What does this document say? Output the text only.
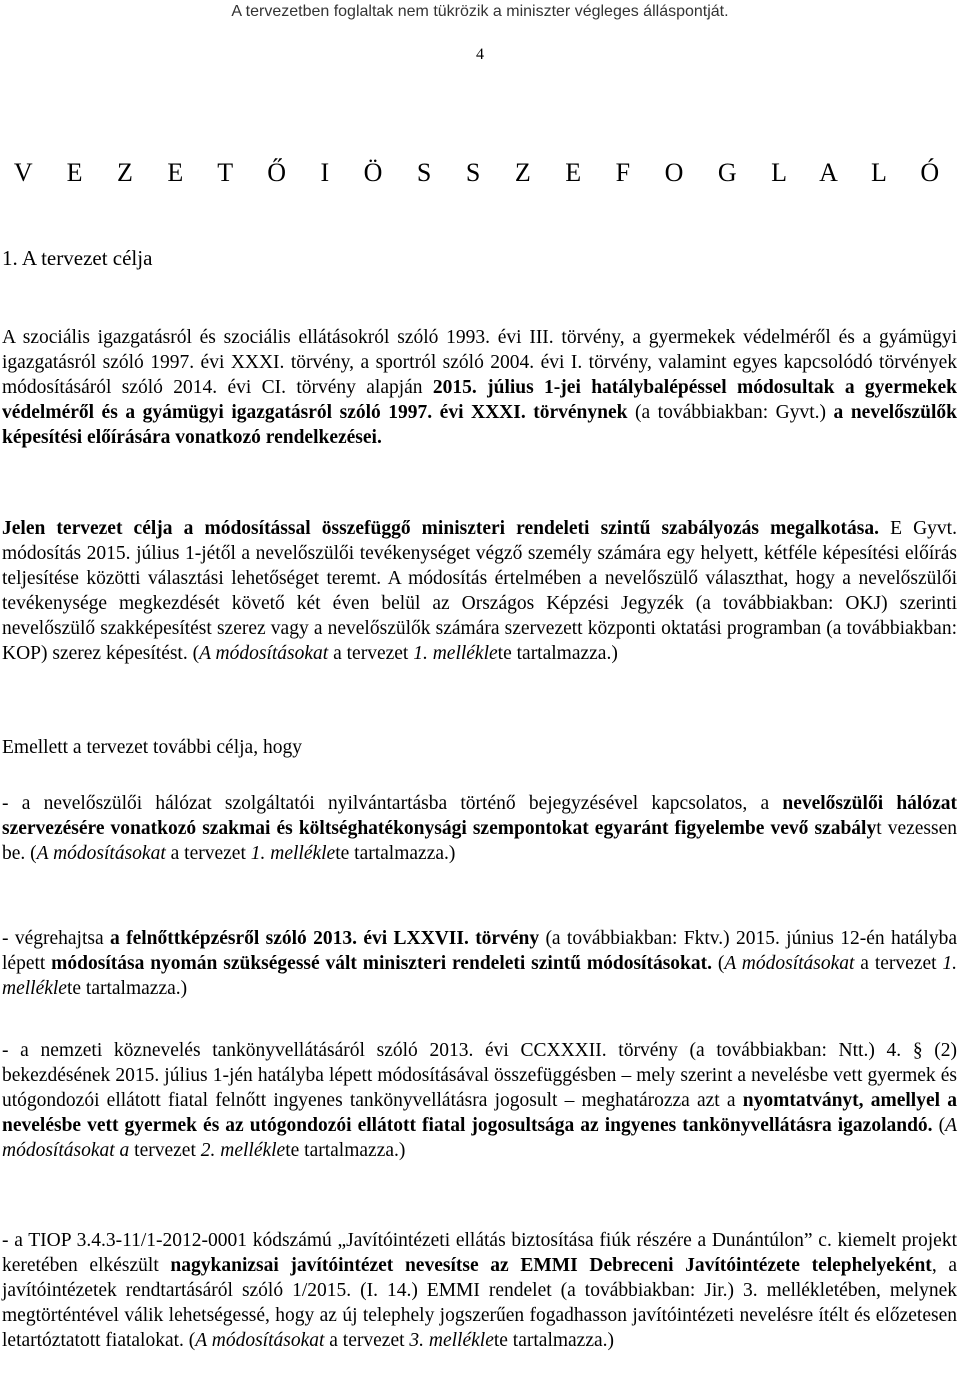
A tervezetben foglaltak nem tükrözik a miniszter végleges álláspontját.
4
V E Z E T Ő I Ö S S Z E F O G L A L Ó
1. A tervezet célja

A szociális igazgatásról és szociális ellátásokról szóló 1993. évi III. törvény, a gyermekek védelméről és a gyámügyi igazgatásról szóló 1997. évi XXXI. törvény, a sportról szóló 2004. évi I. törvény, valamint egyes kapcsolódó törvények módosításáról szóló 2014. évi CI. törvény alapján 2015. július 1-jei hatálybalépéssel módosultak a gyermekek védelméről és a gyámügyi igazgatásról szóló 1997. évi XXXI. törvénynek (a továbbiakban: Gyvt.) a nevelőszülők képesítési előírására vonatkozó rendelkezései.

Jelen tervezet célja a módosítással összefüggő miniszteri rendeleti szintű szabályozás megalkotása. E Gyvt. módosítás 2015. július 1-jétől a nevelőszülői tevékenységet végző személy számára egy helyett, kétféle képesítési előírás teljesítése közötti választási lehetőséget teremt. A módosítás értelmében a nevelőszülő választhat, hogy a nevelőszülői tevékenysége megkezdését követő két éven belül az Országos Képzési Jegyzék (a továbbiakban: OKJ) szerinti nevelőszülő szakképesítést szerez vagy a nevelőszülők számára szervezett központi oktatási programban (a továbbiakban: KOP) szerez képesítést. (A módosításokat a tervezet 1. melléklete tartalmazza.)

Emellett a tervezet további célja, hogy

- a nevelőszülői hálózat szolgáltatói nyilvántartásba történő bejegyzésével kapcsolatos, a nevelőszülői hálózat szervezésére vonatkozó szakmai és költséghatékonysági szempontokat egyaránt figyelembe vevő szabályt vezessen be. (A módosításokat a tervezet 1. melléklete tartalmazza.)

- végrehajtsa a felnőttképzésről szóló 2013. évi LXXVII. törvény (a továbbiakban: Fktv.) 2015. június 12-én hatályba lépett módosítása nyomán szükségessé vált miniszteri rendeleti szintű módosításokat. (A módosításokat a tervezet 1. melléklete tartalmazza.)

- a nemzeti köznevelés tankönyvellátásáról szóló 2013. évi CCXXXII. törvény (a továbbiakban: Ntt.) 4. § (2) bekezdésének 2015. július 1-jén hatályba lépett módosításával összefüggésben – mely szerint a nevelésbe vett gyermek és utógondozói ellátott fiatal felnőtt ingyenes tankönyvellátásra jogosult – meghatározza azt a nyomtatványt, amellyel a nevelésbe vett gyermek és az utógondozói ellátott fiatal jogosultsága az ingyenes tankönyvellátásra igazolandó. (A módosításokat a tervezet 2. melléklete tartalmazza.)

- a TIOP 3.4.3-11/1-2012-0001 kódszámú „Javítóintézeti ellátás biztosítása fiúk részére a Dunántúlon” c. kiemelt projekt keretében elkészült nagykanizsai javítóintézet nevesítse az EMMI Debreceni Javítóintézete telephelyeként, a javítóintézetek rendtartásáról szóló 1/2015. (I. 14.) EMMI rendelet (a továbbiakban: Jir.) 3. mellékletében, melynek megtörténtével válik lehetségessé, hogy az új telephely jogszerűen fogadhasson javítóintézeti nevelésre ítélt és előzetesen letartóztatott fiatalokat. (A módosításokat a tervezet 3. melléklete tartalmazza.)
